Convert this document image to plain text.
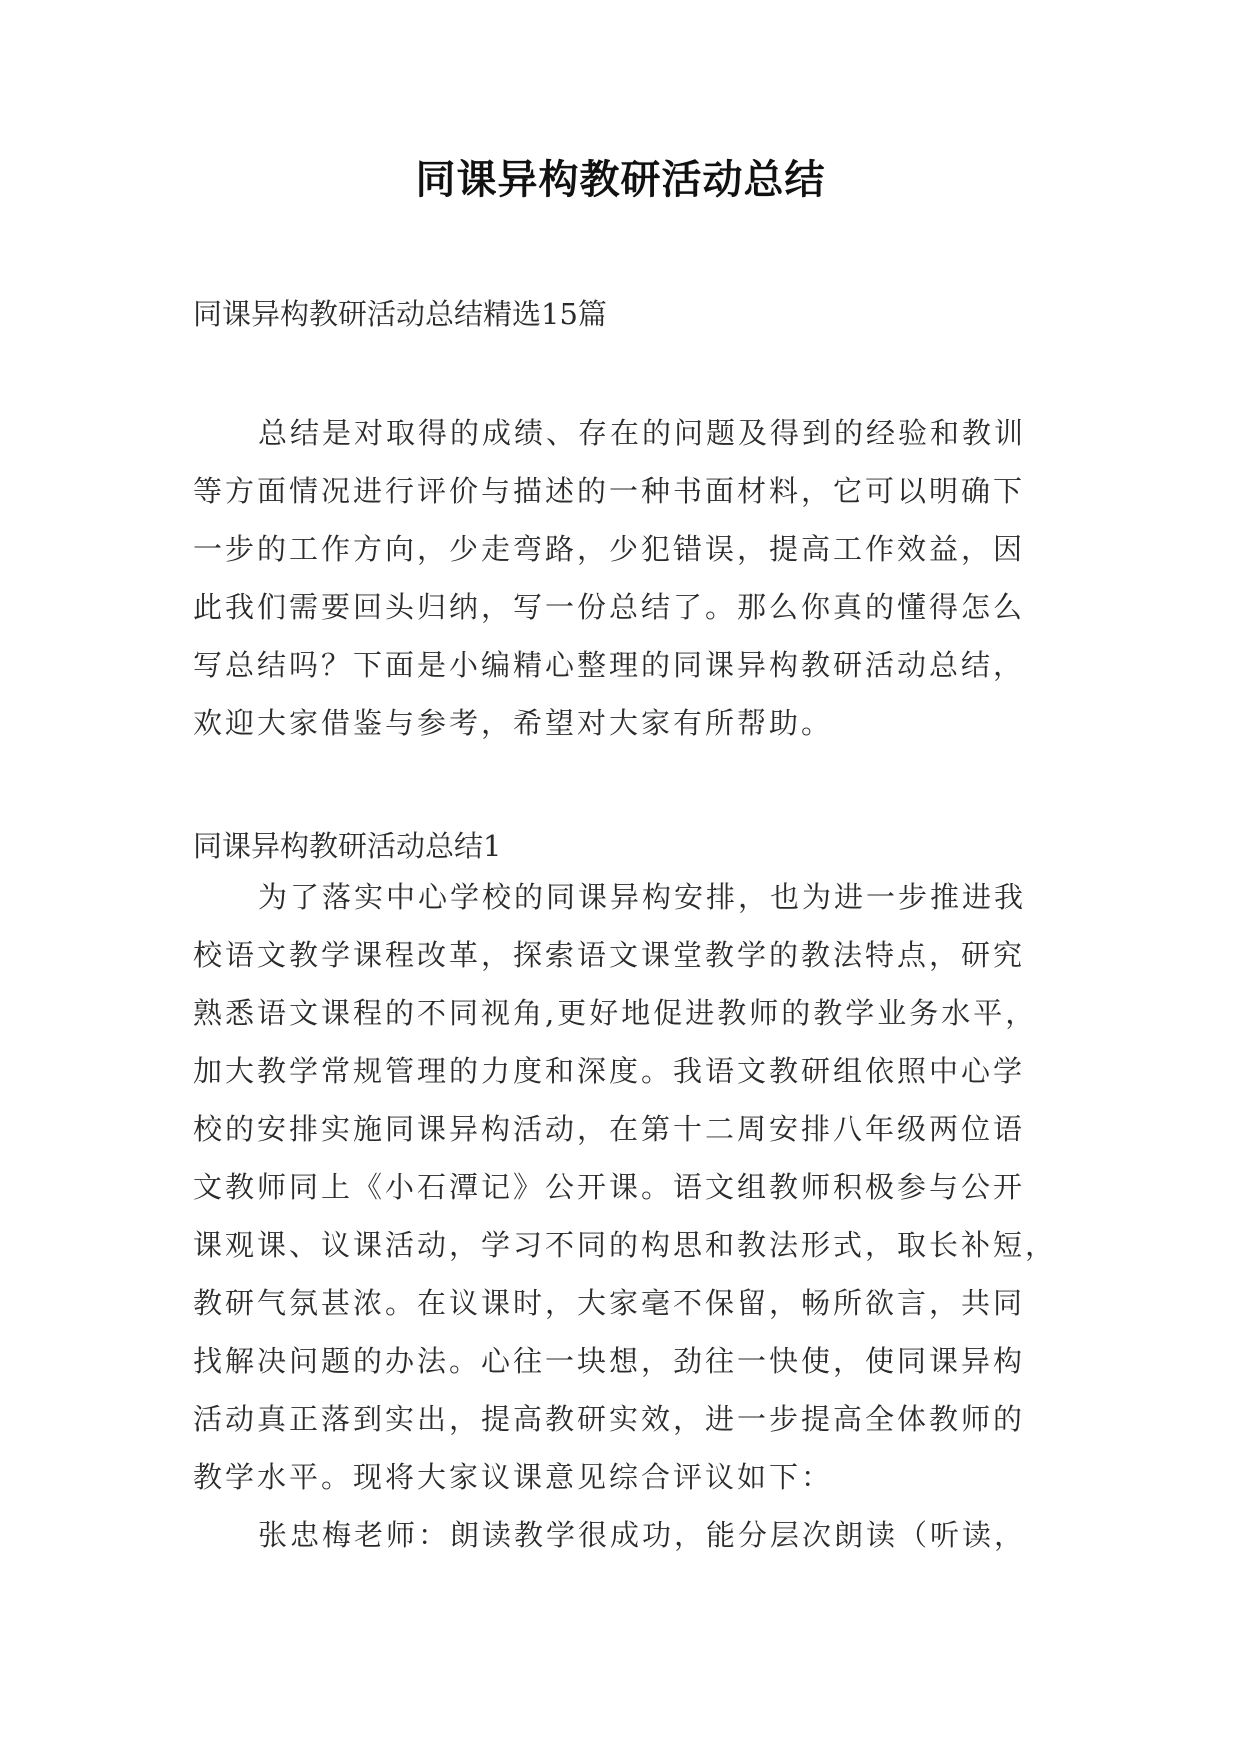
同课异构教研活动总结
同课异构教研活动总结精选15篇
总结是对取得的成绩、存在的问题及得到的经验和教训
等方面情况进行评价与描述的一种书面材料，它可以明确下
一步的工作方向，少走弯路，少犯错误，提高工作效益，因
此我们需要回头归纳，写一份总结了。那么你真的懂得怎么
写总结吗？下面是小编精心整理的同课异构教研活动总结，
欢迎大家借鉴与参考，希望对大家有所帮助。
同课异构教研活动总结1
为了落实中心学校的同课异构安排，也为进一步推进我
校语文教学课程改革，探索语文课堂教学的教法特点，研究
熟悉语文课程的不同视角,更好地促进教师的教学业务水平，
加大教学常规管理的力度和深度。我语文教研组依照中心学
校的安排实施同课异构活动，在第十二周安排八年级两位语
文教师同上《小石潭记》公开课。语文组教师积极参与公开
课观课、议课活动，学习不同的构思和教法形式，取长补短，
教研气氛甚浓。在议课时，大家毫不保留，畅所欲言，共同
找解决问题的办法。心往一块想，劲往一快使，使同课异构
活动真正落到实出，提高教研实效，进一步提高全体教师的
教学水平。现将大家议课意见综合评议如下：
张忠梅老师：朗读教学很成功，能分层次朗读（听读，
